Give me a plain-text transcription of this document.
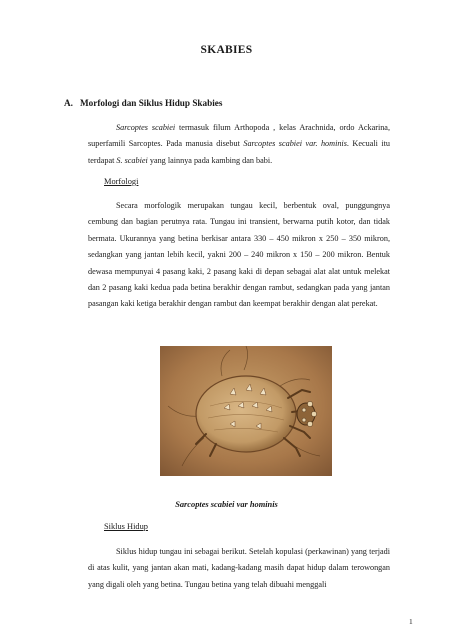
SKABIES
A. Morfologi dan Siklus Hidup Skabies

Sarcoptes scabiei termasuk filum Arthopoda , kelas Arachnida, ordo Ackarina, superfamili Sarcoptes. Pada manusia disebut Sarcoptes scabiei var. hominis. Kecuali itu terdapat S. scabiei yang lainnya pada kambing dan babi.

Morfologi

Secara morfologik merupakan tungau kecil, berbentuk oval, punggungnya cembung dan bagian perutnya rata. Tungau ini transient, berwarna putih kotor, dan tidak bermata. Ukurannya yang betina berkisar antara 330 – 450 mikron x 250 – 350 mikron, sedangkan yang jantan lebih kecil, yakni 200 – 240 mikron x 150 – 200 mikron. Bentuk dewasa mempunyai 4 pasang kaki, 2 pasang kaki di depan sebagai alat alat untuk melekat dan 2 pasang kaki kedua pada betina berakhir dengan rambut, sedangkan pada yang jantan pasangan kaki ketiga berakhir dengan rambut dan keempat berakhir dengan alat perekat.

Sarcoptes scabiei var hominis
Siklus Hidup

Siklus hidup tungau ini sebagai berikut. Setelah kopulasi (perkawinan) yang terjadi di atas kulit, yang jantan akan mati, kadang-kadang masih dapat hidup dalam terowongan yang digali oleh yang betina. Tungau betina yang telah dibuahi menggali

1
